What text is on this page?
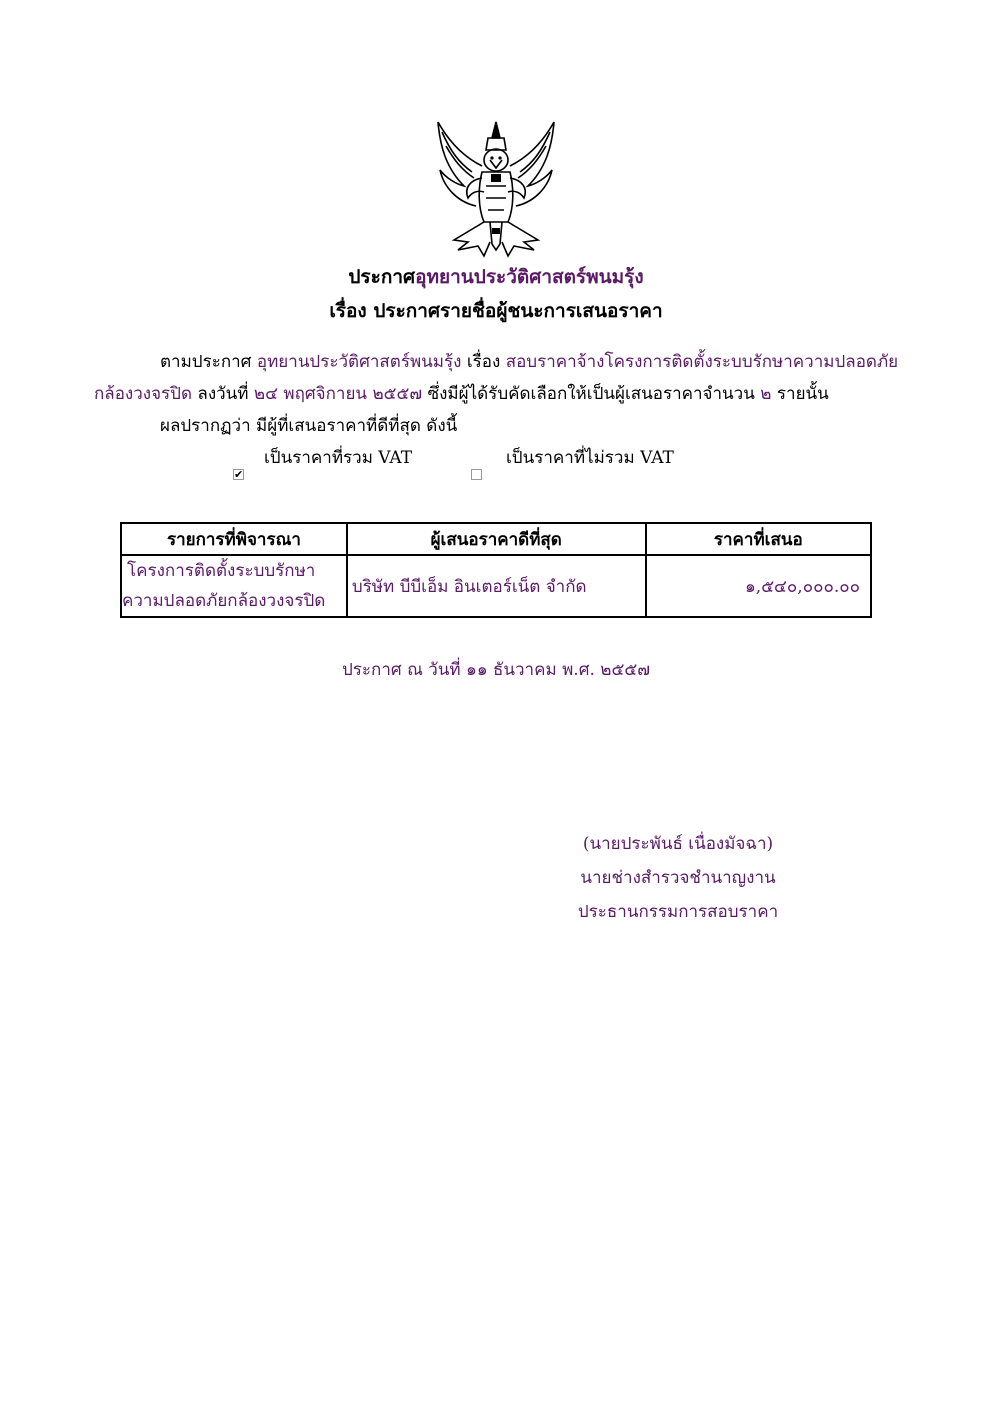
ประกาศอุทยานประวัติศาสตร์พนมรุ้ง
เรื่อง ประกาศรายชื่อผู้ชนะการเสนอราคา
ตามประกาศ อุทยานประวัติศาสตร์พนมรุ้ง เรื่อง สอบราคาจ้างโครงการติดตั้งระบบรักษาความปลอดภัย
กล้องวงจรปิด ลงวันที่ ๒๔ พฤศจิกายน ๒๕๕๗ ซึ่งมีผู้ได้รับคัดเลือกให้เป็นผู้เสนอราคาจำนวน ๒ รายนั้น
ผลปรากฏว่า มีผู้ที่เสนอราคาที่ดีที่สุด ดังนี้
เป็นราคาที่รวม VAT	เป็นราคาที่ไม่รวม VAT
✔
รายการที่พิจารณา	ผู้เสนอราคาดีที่สุด	ราคาที่เสนอ

โครงการติดตั้งระบบรักษา
ความปลอดภัยกล้องวงจรปิด	บริษัท บีบีเอ็ม อินเตอร์เน็ต จำกัด	๑,๕๔๐,๐๐๐.๐๐
ประกาศ ณ วันที่ ๑๑ ธันวาคม พ.ศ. ๒๕๕๗
(นายประพันธ์ เนื่องมัจฉา)
นายช่างสำรวจชำนาญงาน
ประธานกรรมการสอบราคา
